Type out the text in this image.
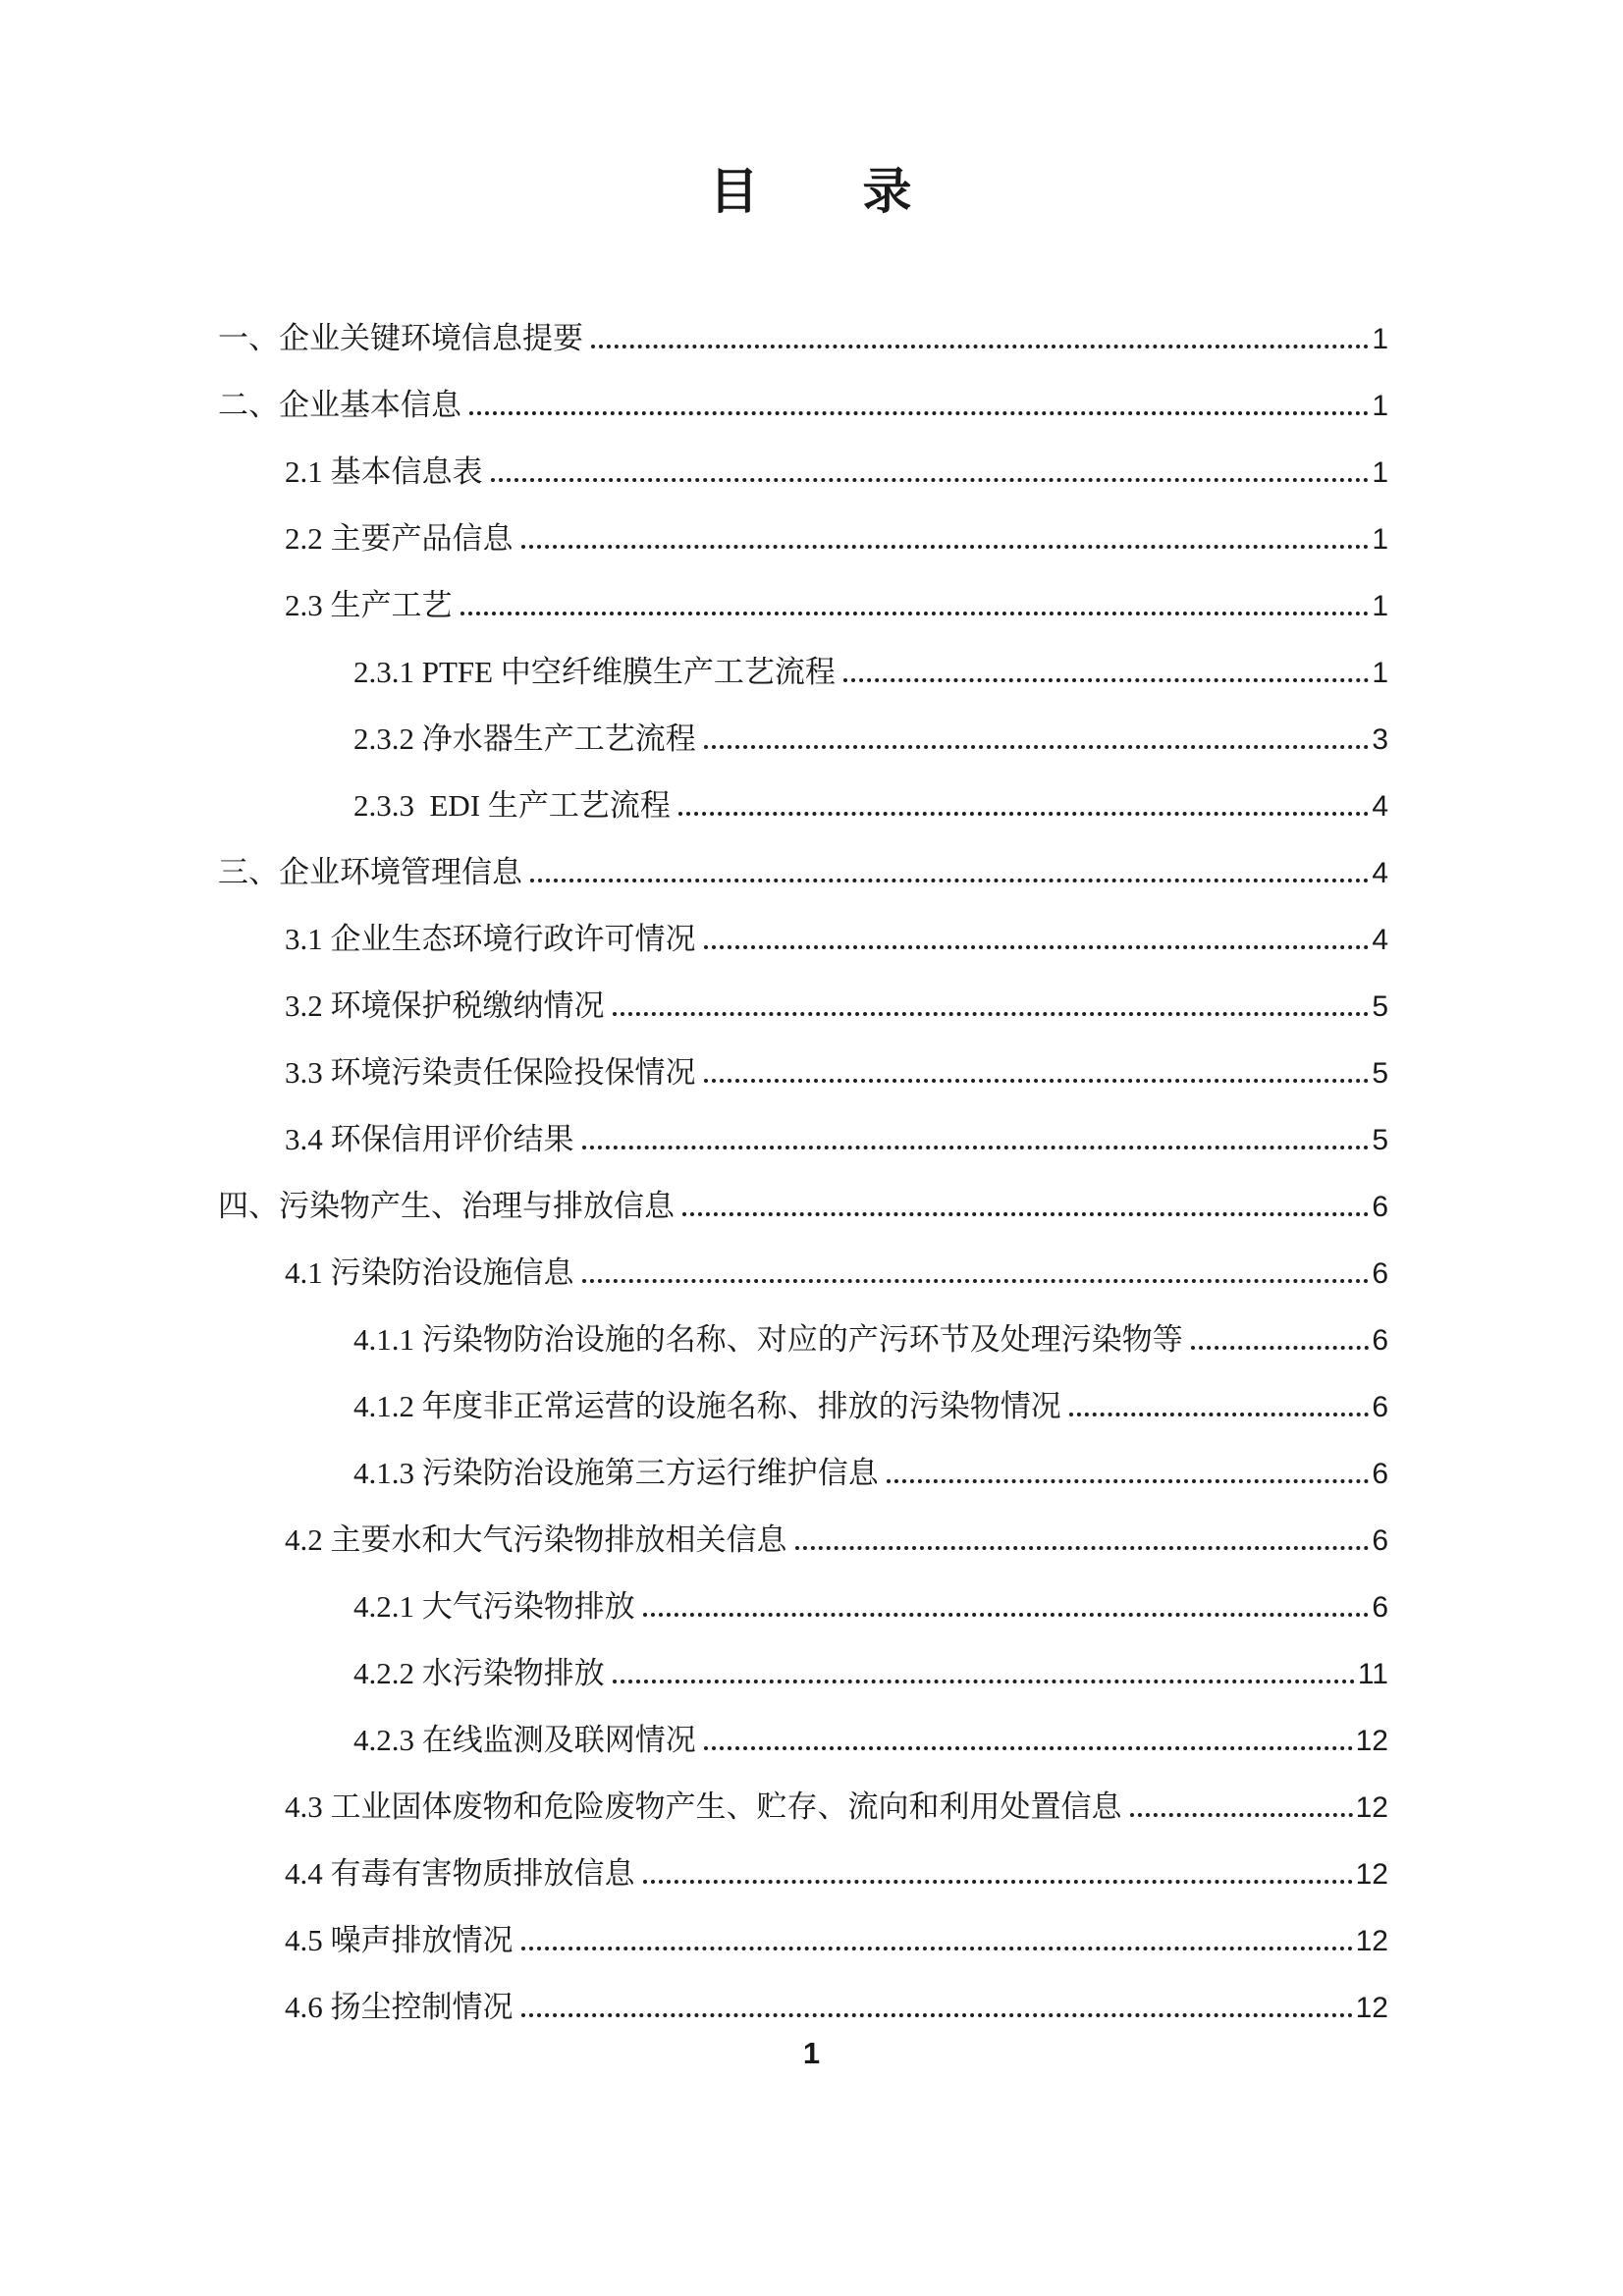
目　　录
一、企业关键环境信息提要	1
二、企业基本信息	1
2.1 基本信息表	1
2.2 主要产品信息	1
2.3 生产工艺	1
2.3.1 PTFE 中空纤维膜生产工艺流程	1
2.3.2 净水器生产工艺流程	3
2.3.3  EDI 生产工艺流程	4
三、企业环境管理信息	4
3.1 企业生态环境行政许可情况	4
3.2 环境保护税缴纳情况	5
3.3 环境污染责任保险投保情况	5
3.4 环保信用评价结果	5
四、污染物产生、治理与排放信息	6
4.1 污染防治设施信息	6
4.1.1 污染物防治设施的名称、对应的产污环节及处理污染物等	6
4.1.2 年度非正常运营的设施名称、排放的污染物情况	6
4.1.3 污染防治设施第三方运行维护信息	6
4.2 主要水和大气污染物排放相关信息	6
4.2.1 大气污染物排放	6
4.2.2 水污染物排放	11
4.2.3 在线监测及联网情况	12
4.3 工业固体废物和危险废物产生、贮存、流向和利用处置信息	12
4.4 有毒有害物质排放信息	12
4.5 噪声排放情况	12
4.6 扬尘控制情况	12
1
